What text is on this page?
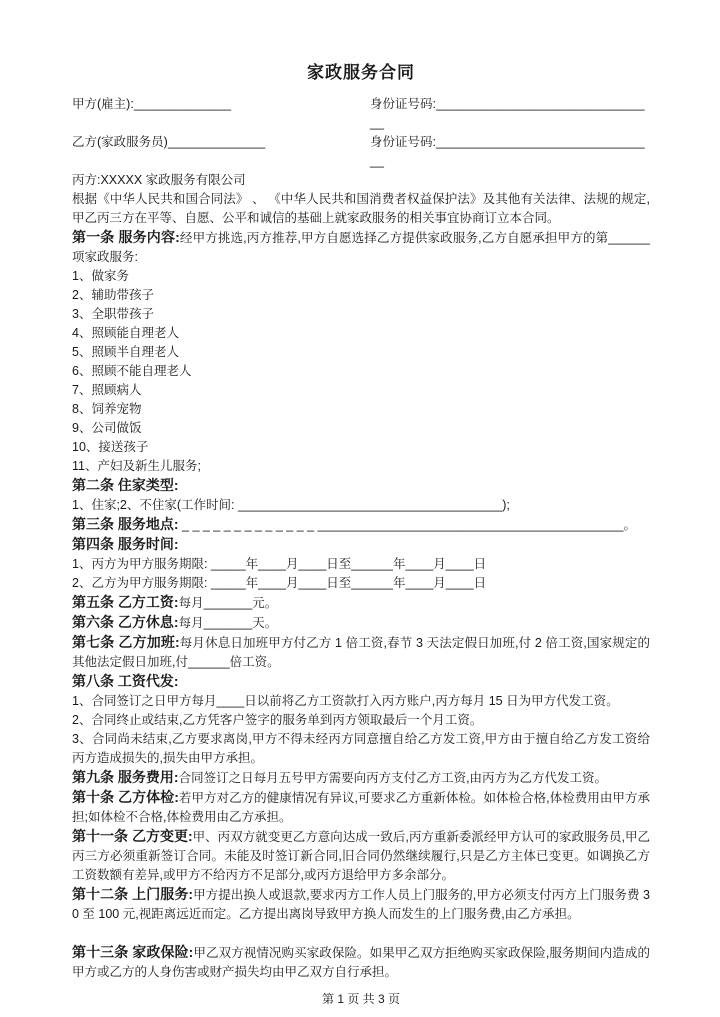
家政服务合同
甲方(雇主):______________	身份证号码:________________________________
乙方(家政服务员)______________	身份证号码:________________________________
丙方:XXXXX 家政服务有限公司
根据《中华人民共和国合同法》 、 《中华人民共和国消费者权益保护法》及其他有关法律、法规的规定,甲乙丙三方在平等、自愿、公平和诚信的基础上就家政服务的相关事宜协商订立本合同。
第一条 服务内容:经甲方挑选,丙方推荐,甲方自愿选择乙方提供家政服务,乙方自愿承担甲方的第______项家政服务:
1、做家务
2、辅助带孩子
3、全职带孩子
4、照顾能自理老人
5、照顾半自理老人
6、照顾不能自理老人
7、照顾病人
8、饲养宠物
9、公司做饭
10、接送孩子
11、产妇及新生儿服务;
第二条 住家类型:
1、住家;2、不住家(工作时间: ______________________________________);
第三条 服务地点: _ _ _ _ _ _ _ _ _ _ _ _ _ ____________________________________________。
第四条 服务时间:
1、丙方为甲方服务期限: _____年____月____日至______年____月____日
2、乙方为甲方服务期限: _____年____月____日至______年____月____日
第五条 乙方工资:每月_______元。
第六条 乙方休息:每月_______天。
第七条 乙方加班:每月休息日加班甲方付乙方 1 倍工资,春节 3 天法定假日加班,付 2 倍工资,国家规定的其他法定假日加班,付______倍工资。
第八条 工资代发:
1、合同签订之日甲方每月____日以前将乙方工资款打入丙方账户,丙方每月 15 日为甲方代发工资。
2、合同终止或结束,乙方凭客户签字的服务单到丙方领取最后一个月工资。
3、合同尚未结束,乙方要求离岗,甲方不得未经丙方同意擅自给乙方发工资,甲方由于擅自给乙方发工资给丙方造成损失的,损失由甲方承担。
第九条 服务费用:合同签订之日每月五号甲方需要向丙方支付乙方工资,由丙方为乙方代发工资。
第十条 乙方体检:若甲方对乙方的健康情况有异议,可要求乙方重新体检。如体检合格,体检费用由甲方承担;如体检不合格,体检费用由乙方承担。
第十一条 乙方变更:甲、丙双方就变更乙方意向达成一致后,丙方重新委派经甲方认可的家政服务员,甲乙丙三方必须重新签订合同。未能及时签订新合同,旧合同仍然继续履行,只是乙方主体已变更。如调换乙方工资数额有差异,或甲方不给丙方不足部分,或丙方退给甲方多余部分。
第十二条 上门服务:甲方提出换人或退款,要求丙方工作人员上门服务的,甲方必须支付丙方上门服务费 30 至 100 元,视距离远近而定。乙方提出离岗导致甲方换人而发生的上门服务费,由乙方承担。
第十三条 家政保险:甲乙双方视情况购买家政保险。如果甲乙双方拒绝购买家政保险,服务期间内造成的甲方或乙方的人身伤害或财产损失均由甲乙双方自行承担。
第 1 页 共 3 页
